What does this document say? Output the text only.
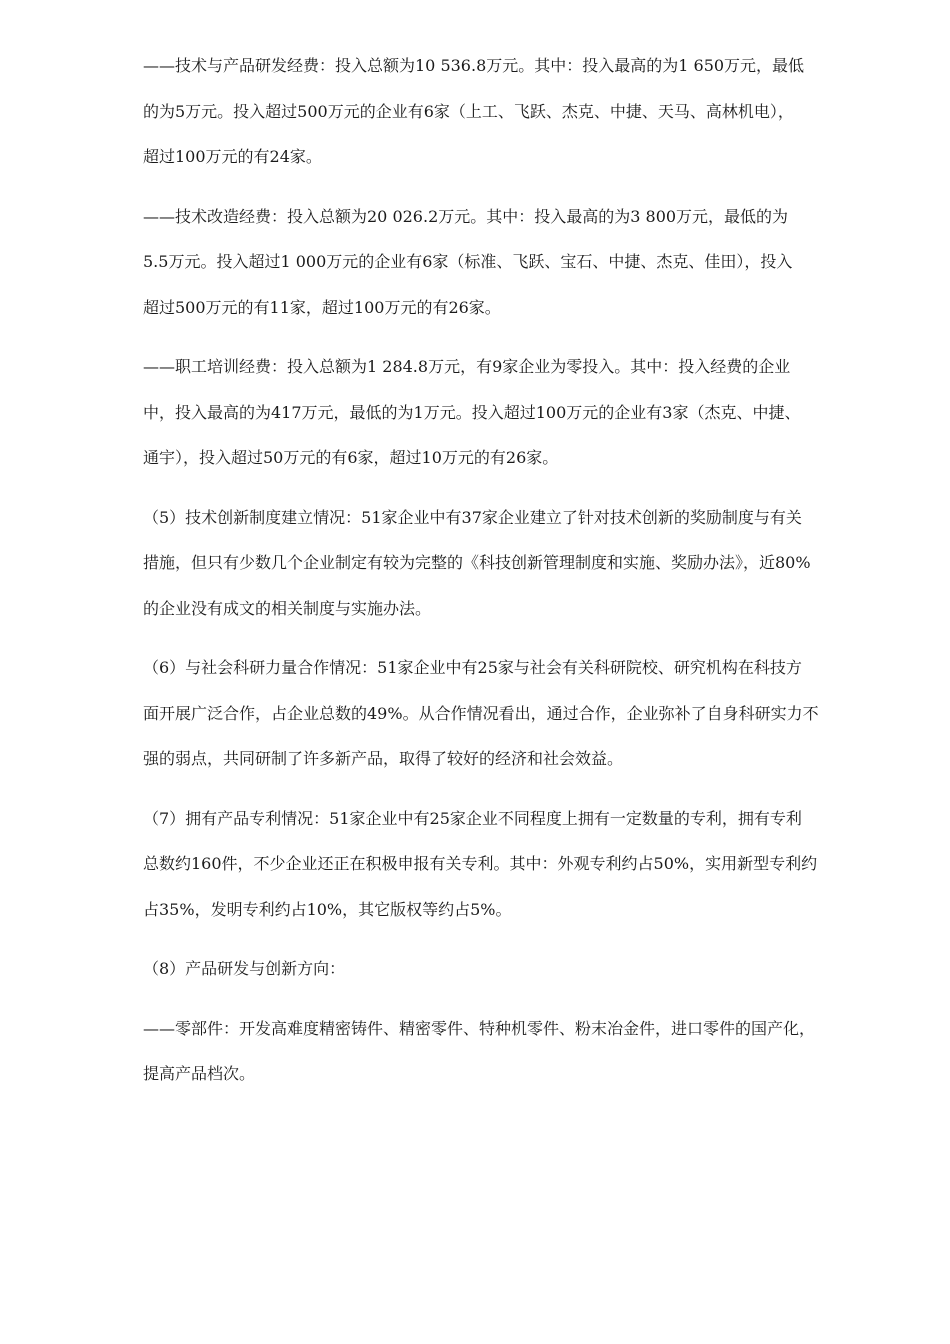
——技术与产品研发经费：投入总额为10 536.8万元。其中：投入最高的为1 650万元，最低
的为5万元。投入超过500万元的企业有6家（上工、飞跃、杰克、中捷、天马、高林机电），
超过100万元的有24家。

——技术改造经费：投入总额为20 026.2万元。其中：投入最高的为3 800万元，最低的为
5.5万元。投入超过1 000万元的企业有6家（标准、飞跃、宝石、中捷、杰克、佳田），投入
超过500万元的有11家，超过100万元的有26家。

——职工培训经费：投入总额为1 284.8万元，有9家企业为零投入。其中：投入经费的企业
中，投入最高的为417万元，最低的为1万元。投入超过100万元的企业有3家（杰克、中捷、
通宇），投入超过50万元的有6家，超过10万元的有26家。

（5）技术创新制度建立情况：51家企业中有37家企业建立了针对技术创新的奖励制度与有关
措施，但只有少数几个企业制定有较为完整的《科技创新管理制度和实施、奖励办法》，近80%
的企业没有成文的相关制度与实施办法。

（6）与社会科研力量合作情况：51家企业中有25家与社会有关科研院校、研究机构在科技方
面开展广泛合作，占企业总数的49%。从合作情况看出，通过合作，企业弥补了自身科研实力不
强的弱点，共同研制了许多新产品，取得了较好的经济和社会效益。

（7）拥有产品专利情况：51家企业中有25家企业不同程度上拥有一定数量的专利，拥有专利
总数约160件，不少企业还正在积极申报有关专利。其中：外观专利约占50%，实用新型专利约
占35%，发明专利约占10%，其它版权等约占5%。

（8）产品研发与创新方向：

——零部件：开发高难度精密铸件、精密零件、特种机零件、粉末冶金件，进口零件的国产化，
提高产品档次。
